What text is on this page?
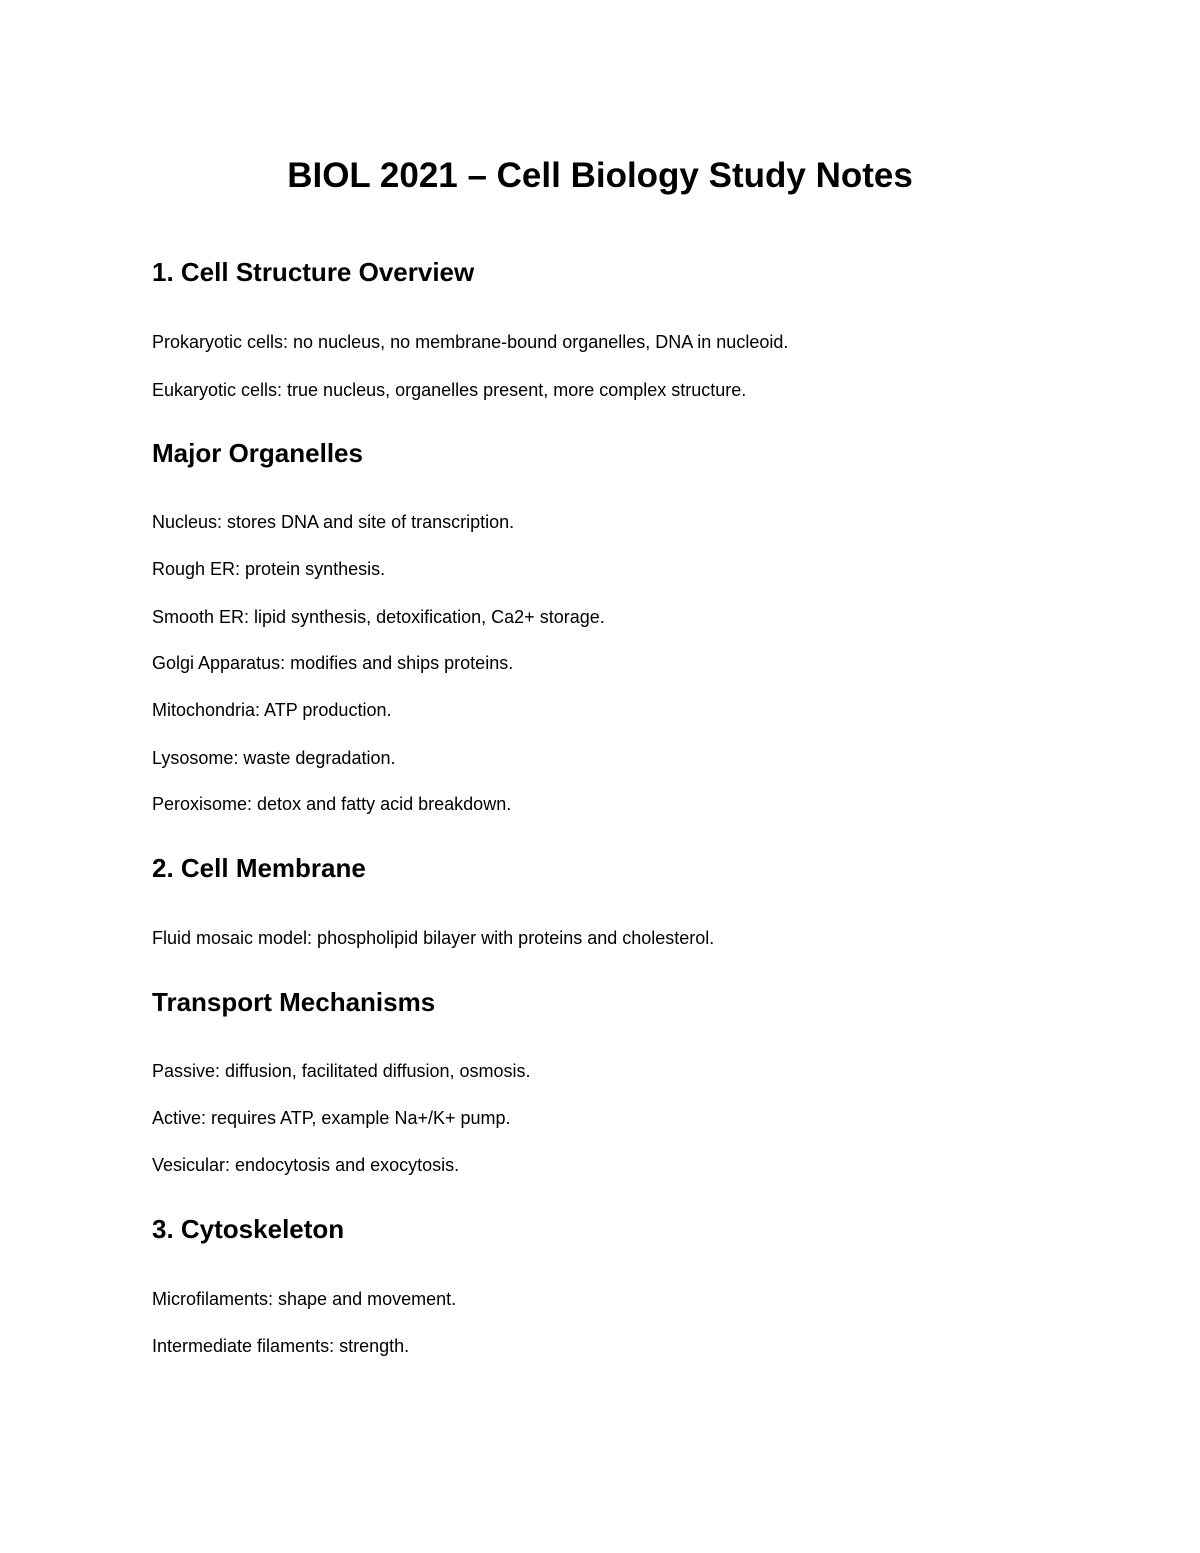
BIOL 2021 – Cell Biology Study Notes
1. Cell Structure Overview
Prokaryotic cells: no nucleus, no membrane-bound organelles, DNA in nucleoid.
Eukaryotic cells: true nucleus, organelles present, more complex structure.
Major Organelles
Nucleus: stores DNA and site of transcription.
Rough ER: protein synthesis.
Smooth ER: lipid synthesis, detoxification, Ca2+ storage.
Golgi Apparatus: modifies and ships proteins.
Mitochondria: ATP production.
Lysosome: waste degradation.
Peroxisome: detox and fatty acid breakdown.
2. Cell Membrane
Fluid mosaic model: phospholipid bilayer with proteins and cholesterol.
Transport Mechanisms
Passive: diffusion, facilitated diffusion, osmosis.
Active: requires ATP, example Na+/K+ pump.
Vesicular: endocytosis and exocytosis.
3. Cytoskeleton
Microfilaments: shape and movement.
Intermediate filaments: strength.
